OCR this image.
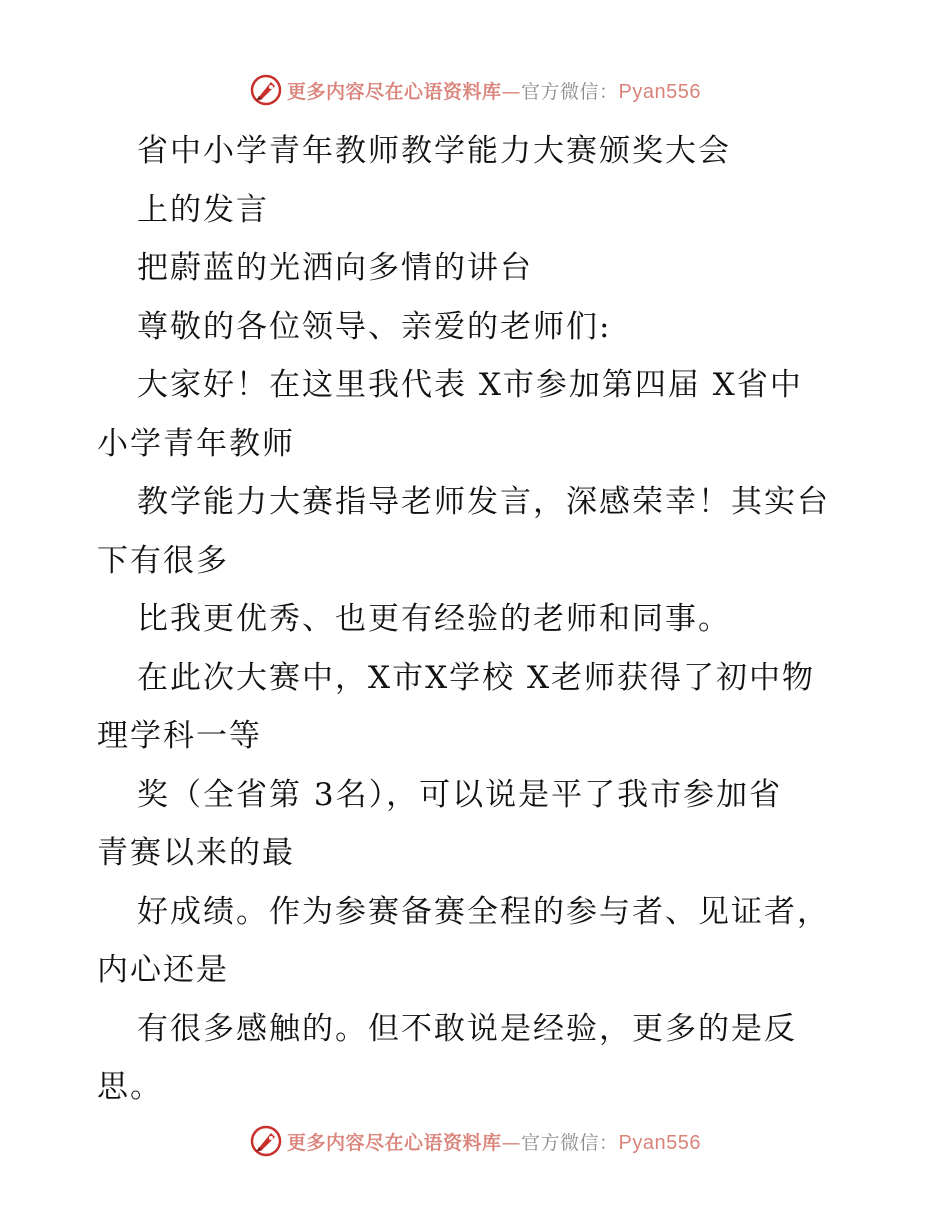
更多内容尽在心语资料库 — 官方微信： Pyan556
省中小学青年教师教学能力大赛颁奖大会
上的发言
把蔚蓝的光洒向多情的讲台
尊敬的各位领导、亲爱的老师们:
大家好！在这里我代表 X市参加第四届 X省中
小学青年教师
教学能力大赛指导老师发言，深感荣幸！其实台
下有很多
比我更优秀、也更有经验的老师和同事。
在此次大赛中，X市X学校 X老师获得了初中物
理学科一等
奖（全省第 3名），可以说是平了我市参加省
青赛以来的最
好成绩。作为参赛备赛全程的参与者、见证者，
内心还是
有很多感触的。但不敢说是经验，更多的是反
思。
更多内容尽在心语资料库 — 官方微信： Pyan556
